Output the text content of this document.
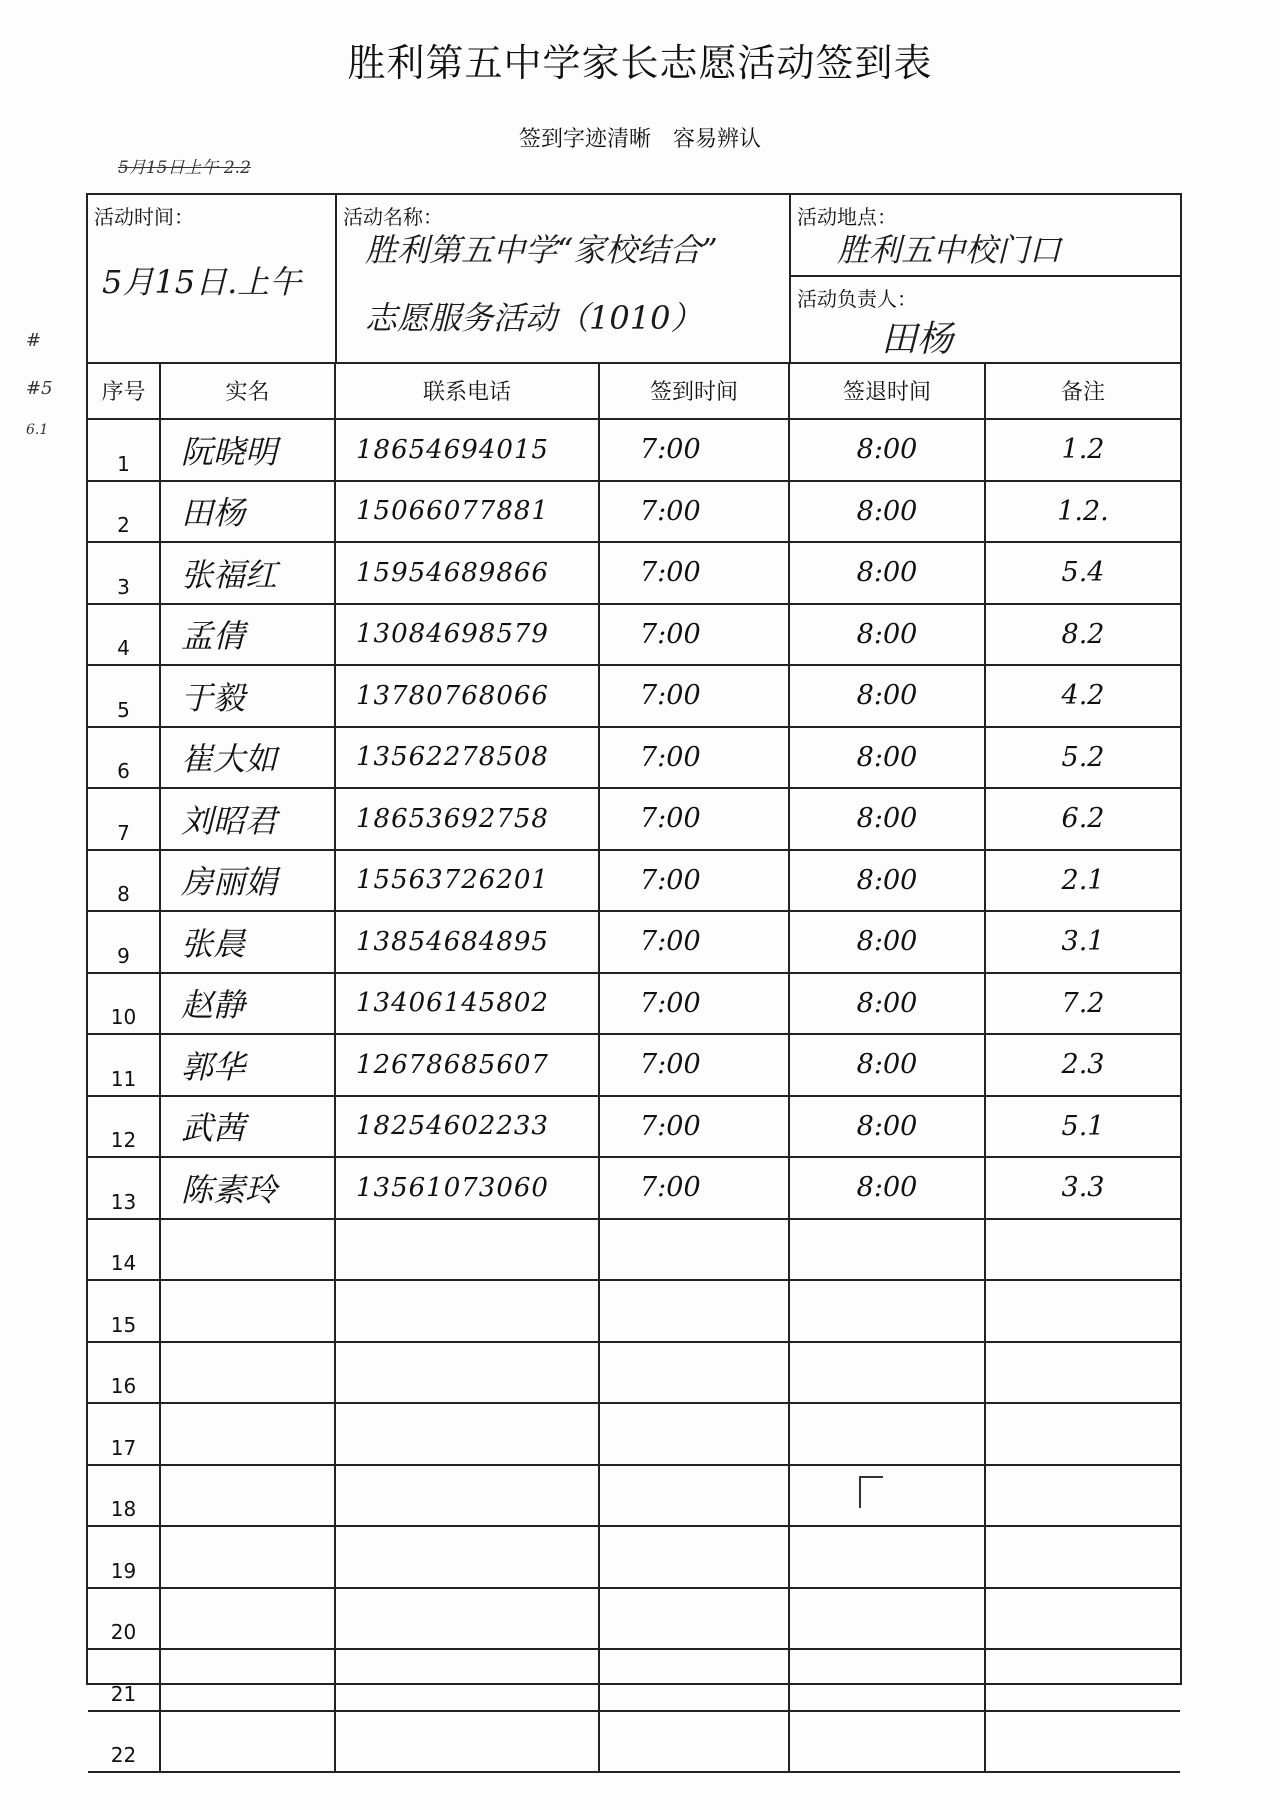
胜利第五中学家长志愿活动签到表
签到字迹清晰　容易辨认
5月15日上午 2.2
#
#5
6.1
活动时间：
5月15日.上午
活动名称：
胜利第五中学“家校结合”
志愿服务活动（1010）
活动地点：
胜利五中校门口
活动负责人：
田杨
序号	实名	联系电话	签到时间	签退时间	备注
1	阮晓明	18654694015	7:00	8:00	1.2
2	田杨	15066077881	7:00	8:00	1.2.
3	张福红	15954689866	7:00	8:00	5.4
4	孟倩	13084698579	7:00	8:00	8.2
5	于毅	13780768066	7:00	8:00	4.2
6	崔大如	13562278508	7:00	8:00	5.2
7	刘昭君	18653692758	7:00	8:00	6.2
8	房丽娟	15563726201	7:00	8:00	2.1
9	张晨	13854684895	7:00	8:00	3.1
10	赵静	13406145802	7:00	8:00	7.2
11	郭华	12678685607	7:00	8:00	2.3
12	武茜	18254602233	7:00	8:00	5.1
13	陈素玲	13561073060	7:00	8:00	3.3
14					
15					
16					
17					
18					
19					
20					
21					
22					
